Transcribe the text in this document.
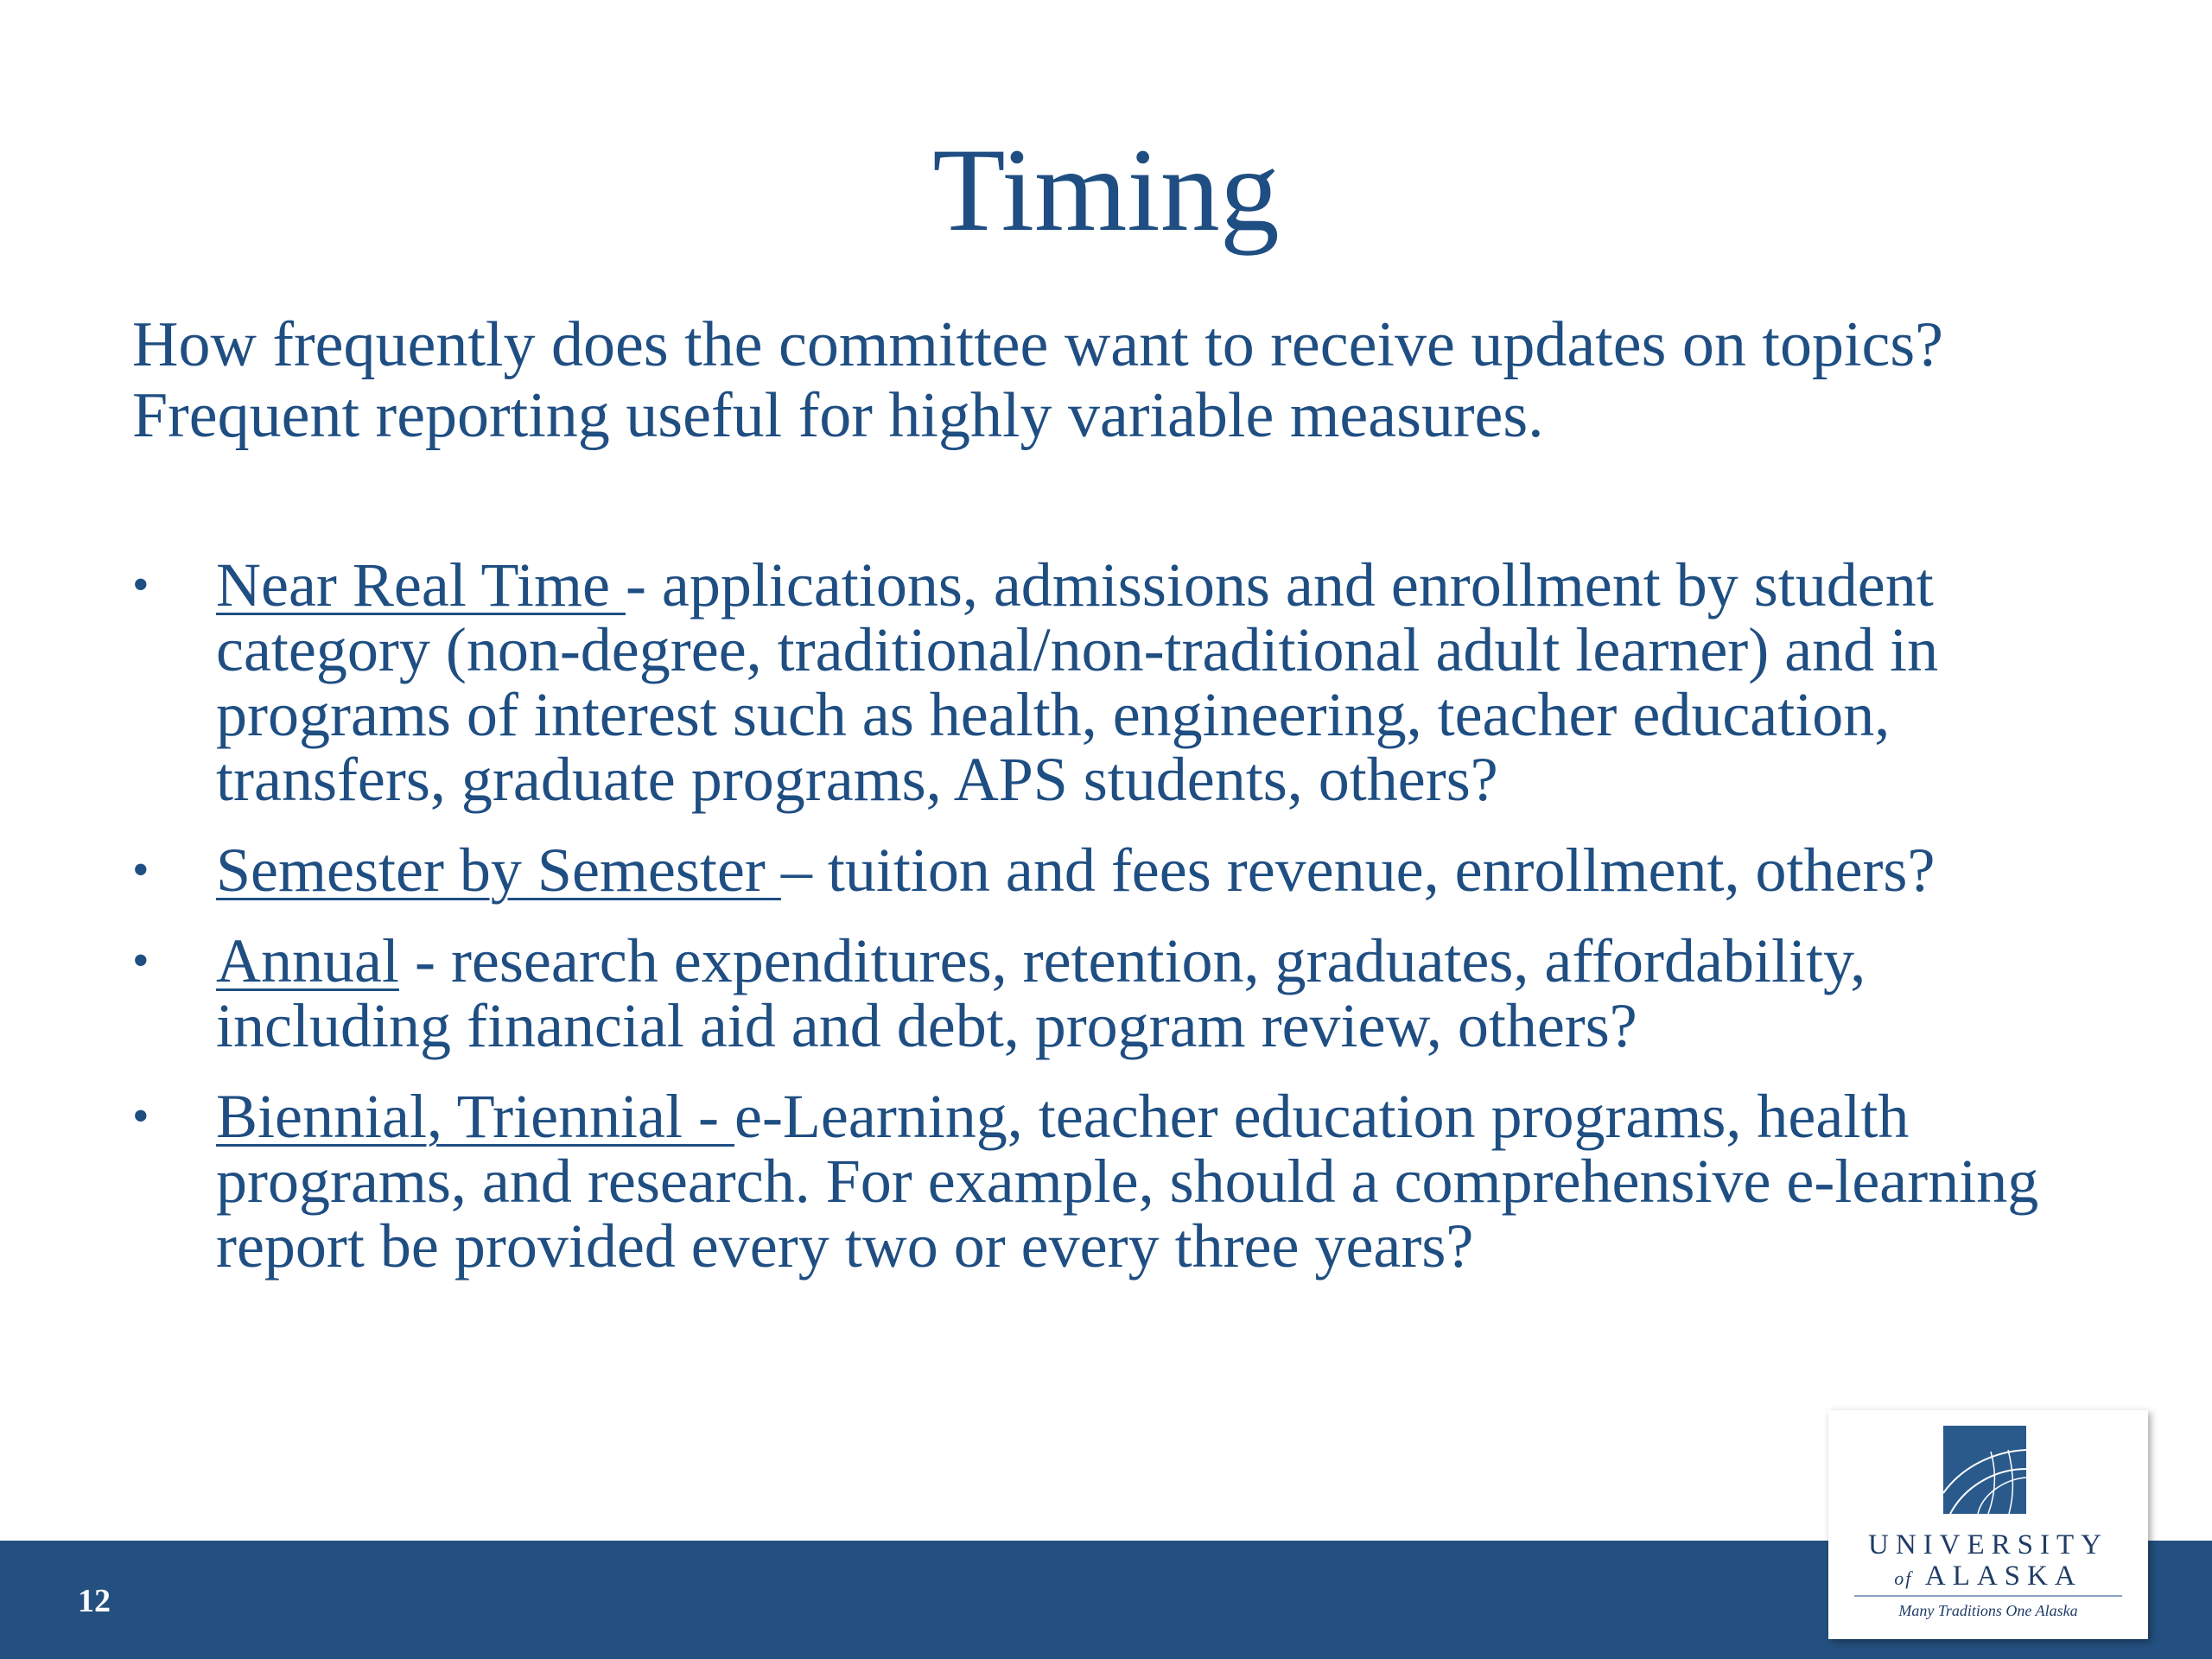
Timing

How frequently does the committee want to receive updates on topics? Frequent reporting useful for highly variable measures.

• Near Real Time - applications, admissions and enrollment by student category (non-degree, traditional/non-traditional adult learner) and in programs of interest such as health, engineering, teacher education, transfers, graduate programs, APS students, others?
• Semester by Semester – tuition and fees revenue, enrollment, others?
• Annual - research expenditures, retention, graduates, affordability, including financial aid and debt, program review, others?
• Biennial, Triennial - e-Learning, teacher education programs, health programs, and research. For example, should a comprehensive e-learning report be provided every two or every three years?
12
UNIVERSITY
of ALASKA
Many Traditions One Alaska
